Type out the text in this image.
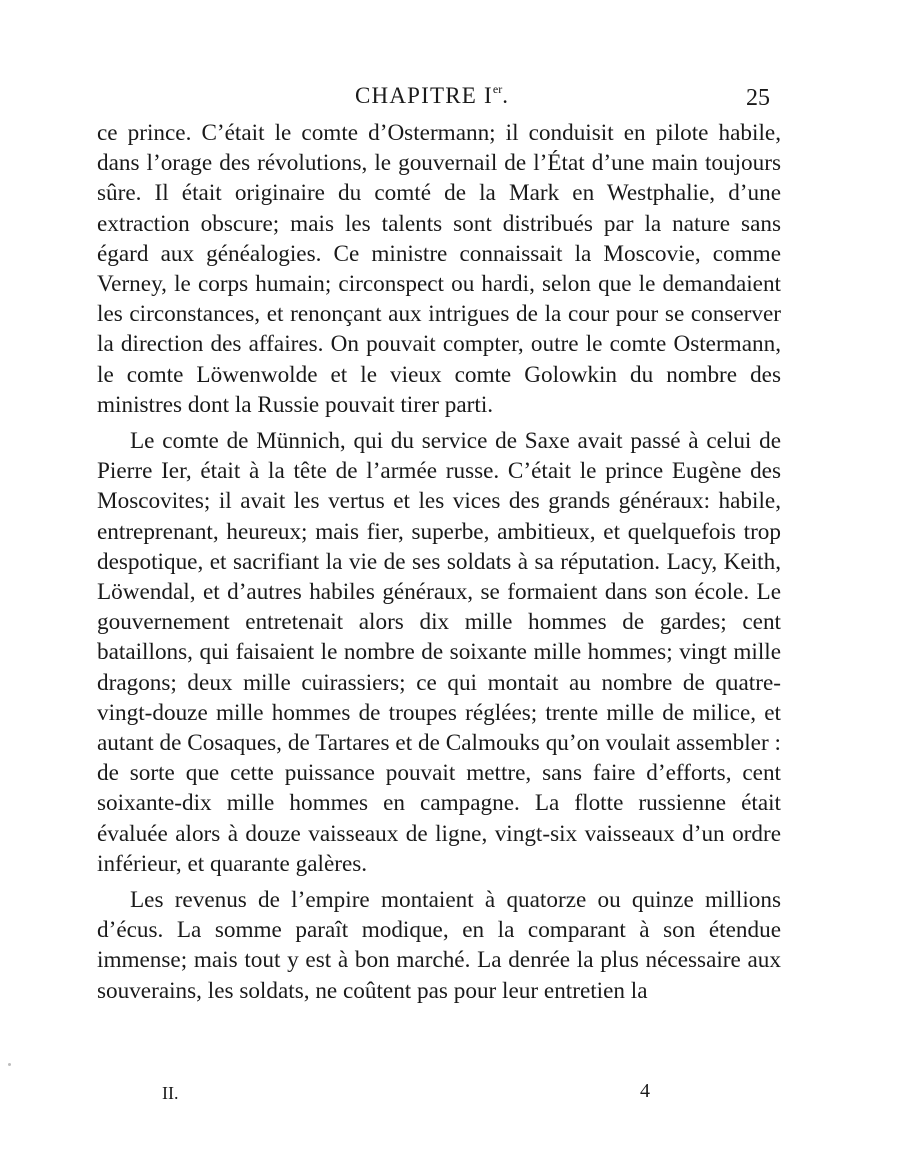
CHAPITRE Ier.	25

ce prince. C’était le comte d’Ostermann; il conduisit en pilote habile, dans l’orage des révolutions, le gouvernail de l’État d’une main toujours sûre. Il était originaire du comté de la Mark en Westphalie, d’une extraction obscure; mais les talents sont distribués par la nature sans égard aux généalogies. Ce ministre connaissait la Moscovie, comme Verney, le corps humain; circonspect ou hardi, selon que le demandaient les circonstances, et renonçant aux intrigues de la cour pour se conserver la direction des affaires. On pouvait compter, outre le comte Ostermann, le comte Löwenwolde et le vieux comte Golowkin du nombre des ministres dont la Russie pouvait tirer parti.

Le comte de Münnich, qui du service de Saxe avait passé à celui de Pierre Ier, était à la tête de l’armée russe. C’était le prince Eugène des Moscovites; il avait les vertus et les vices des grands généraux: habile, entreprenant, heureux; mais fier, superbe, ambitieux, et quelquefois trop despotique, et sacrifiant la vie de ses soldats à sa réputation. Lacy, Keith, Löwendal, et d’autres habiles généraux, se formaient dans son école. Le gouvernement entretenait alors dix mille hommes de gardes; cent bataillons, qui faisaient le nombre de soixante mille hommes; vingt mille dragons; deux mille cuirassiers; ce qui montait au nombre de quatre-vingt-douze mille hommes de troupes réglées; trente mille de milice, et autant de Cosaques, de Tartares et de Calmouks qu’on voulait assembler : de sorte que cette puissance pouvait mettre, sans faire d’efforts, cent soixante-dix mille hommes en campagne. La flotte russienne était évaluée alors à douze vaisseaux de ligne, vingt-six vaisseaux d’un ordre inférieur, et quarante galères.

Les revenus de l’empire montaient à quatorze ou quinze millions d’écus. La somme paraît modique, en la comparant à son étendue immense; mais tout y est à bon marché. La denrée la plus nécessaire aux souverains, les soldats, ne coûtent pas pour leur entretien la

II.	4
